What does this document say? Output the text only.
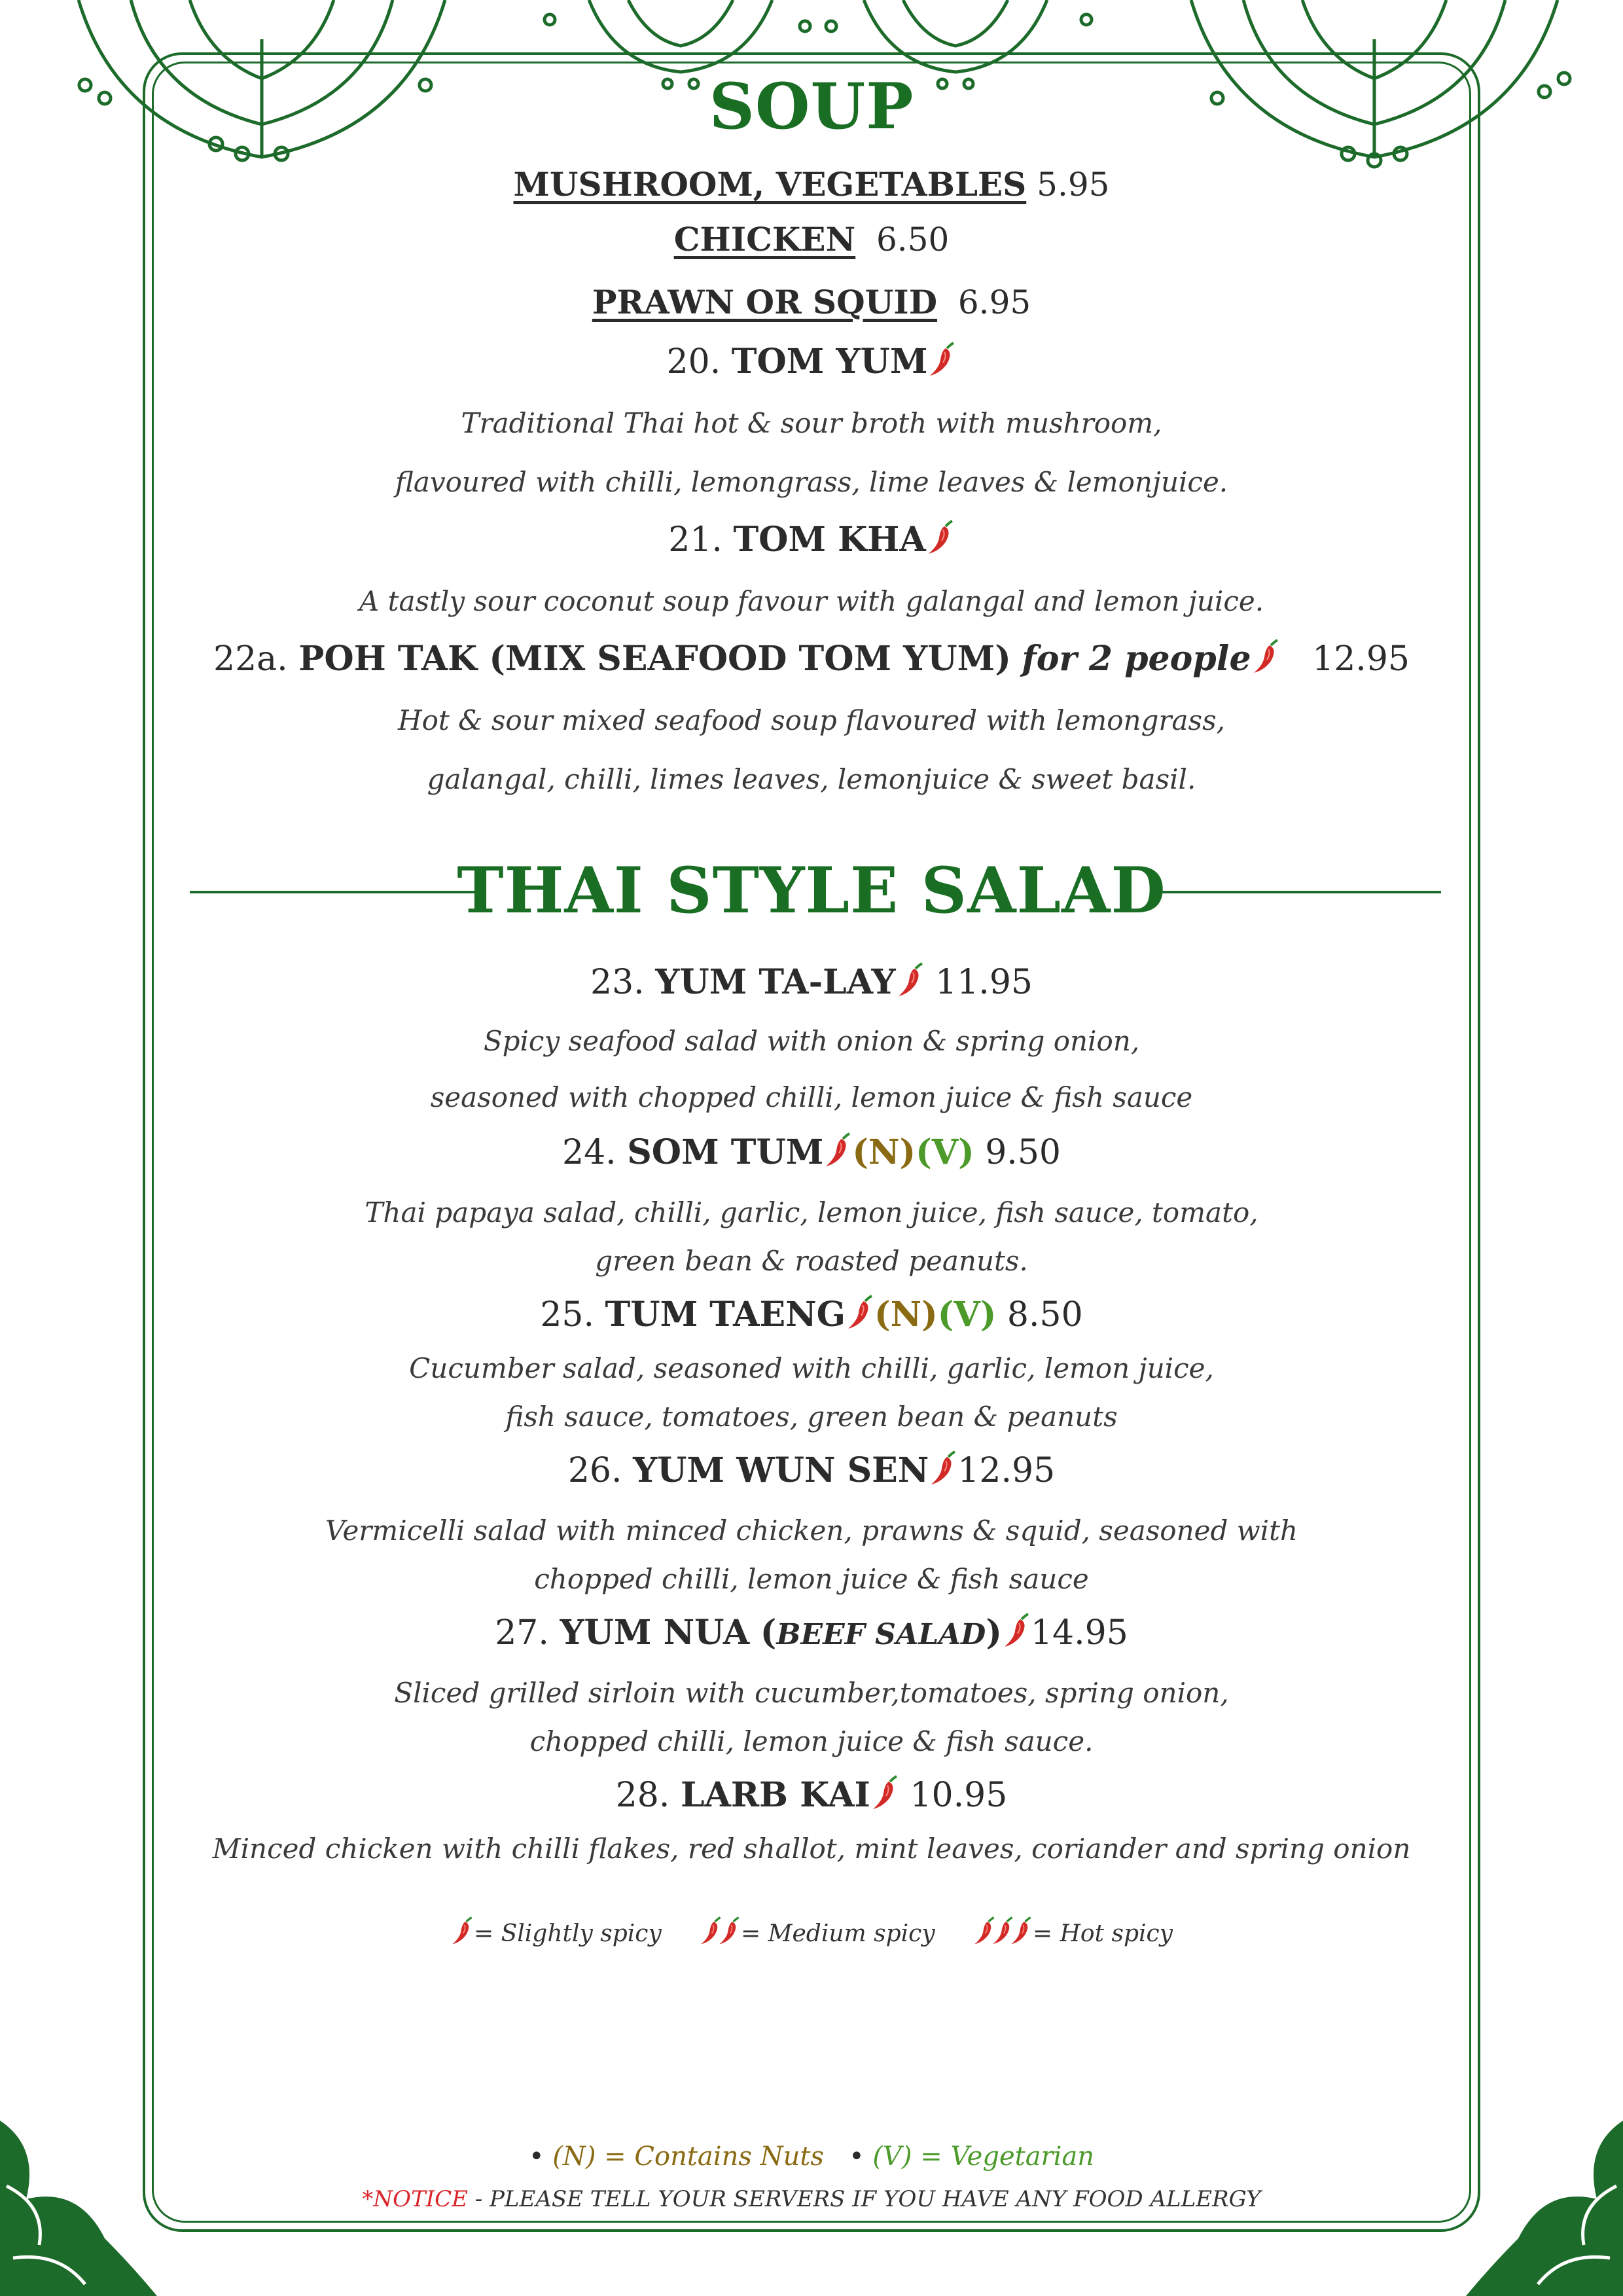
SOUP
MUSHROOM, VEGETABLES 5.95
CHICKEN 6.50
PRAWN OR SQUID 6.95
20. TOM YUM
Traditional Thai hot & sour broth with mushroom,
flavoured with chilli, lemongrass, lime leaves & lemonjuice.
21. TOM KHA
A tastly sour coconut soup favour with galangal and lemon juice.
22a. POH TAK (MIX SEAFOOD TOM YUM) for 2 people 12.95
Hot & sour mixed seafood soup flavoured with lemongrass,
galangal, chilli, limes leaves, lemonjuice & sweet basil.
THAI STYLE SALAD
23. YUM TA-LAY 11.95
Spicy seafood salad with onion & spring onion,
seasoned with chopped chilli, lemon juice & fish sauce
24. SOM TUM (N)(V) 9.50
Thai papaya salad, chilli, garlic, lemon juice, fish sauce, tomato,
green bean & roasted peanuts.
25. TUM TAENG (N)(V) 8.50
Cucumber salad, seasoned with chilli, garlic, lemon juice,
fish sauce, tomatoes, green bean & peanuts
26. YUM WUN SEN 12.95
Vermicelli salad with minced chicken, prawns & squid, seasoned with
chopped chilli, lemon juice & fish sauce
27. YUM NUA (BEEF SALAD) 14.95
Sliced grilled sirloin with cucumber,tomatoes, spring onion,
chopped chilli, lemon juice & fish sauce.
28. LARB KAI 10.95
Minced chicken with chilli flakes, red shallot, mint leaves, coriander and spring onion
= Slightly spicy	= Medium spicy	= Hot spicy
• (N) = Contains Nuts • (V) = Vegetarian
*NOTICE - PLEASE TELL YOUR SERVERS IF YOU HAVE ANY FOOD ALLERGY
